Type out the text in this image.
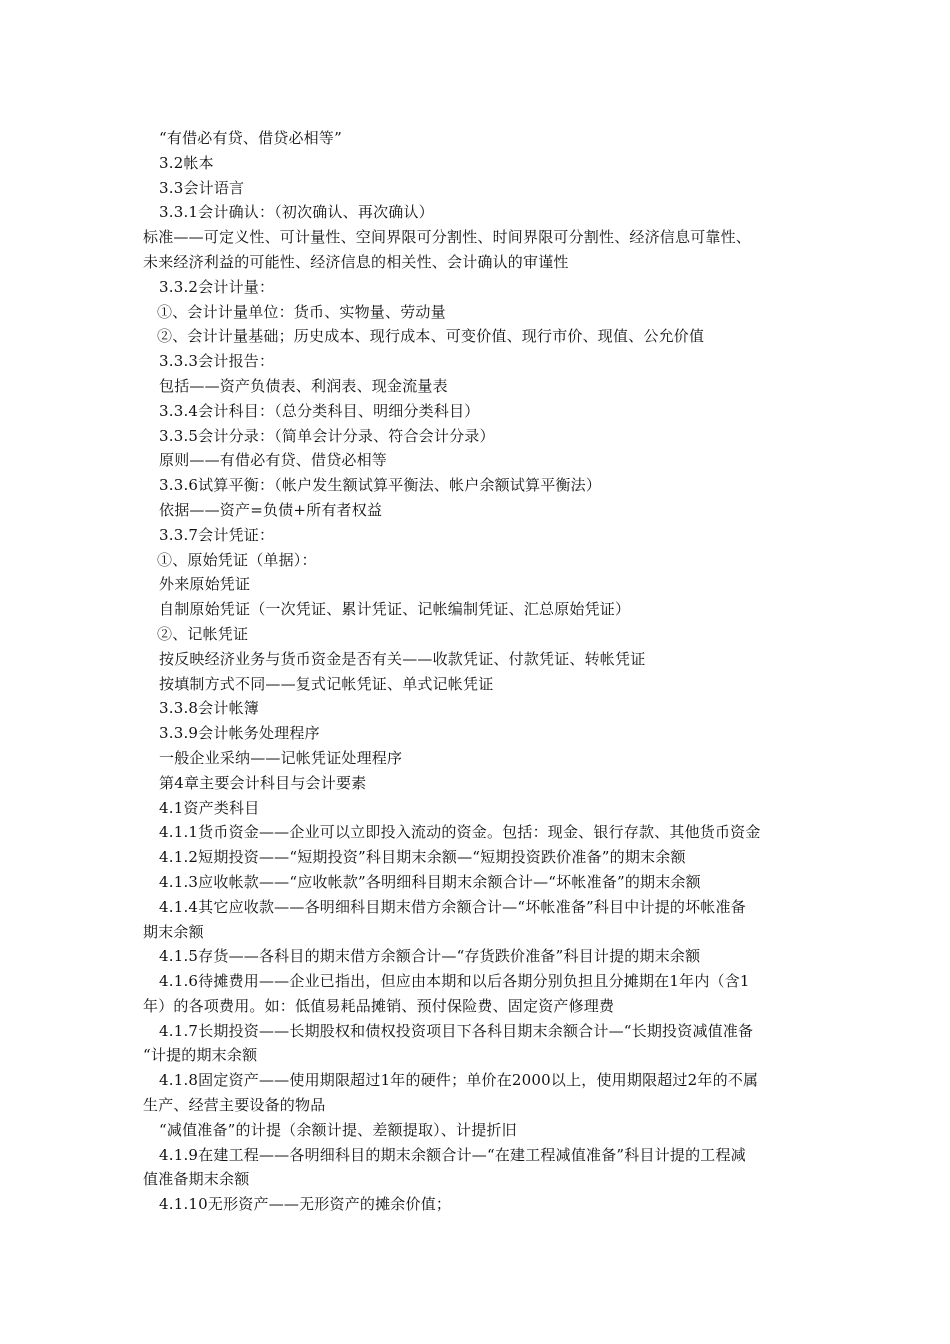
“有借必有贷、借贷必相等”
3.2帐本
3.3会计语言
3.3.1会计确认：（初次确认、再次确认）
标准——可定义性、可计量性、空间界限可分割性、时间界限可分割性、经济信息可靠性、
未来经济利益的可能性、经济信息的相关性、会计确认的审谨性
3.3.2会计计量：
①、会计计量单位：货币、实物量、劳动量
②、会计计量基础；历史成本、现行成本、可变价值、现行市价、现值、公允价值
3.3.3会计报告：
包括——资产负债表、利润表、现金流量表
3.3.4会计科目：（总分类科目、明细分类科目）
3.3.5会计分录：（简单会计分录、符合会计分录）
原则——有借必有贷、借贷必相等
3.3.6试算平衡：（帐户发生额试算平衡法、帐户余额试算平衡法）
依据——资产=负债+所有者权益
3.3.7会计凭证：
①、原始凭证（单据）：
外来原始凭证
自制原始凭证（一次凭证、累计凭证、记帐编制凭证、汇总原始凭证）
②、记帐凭证
按反映经济业务与货币资金是否有关——收款凭证、付款凭证、转帐凭证
按填制方式不同——复式记帐凭证、单式记帐凭证
3.3.8会计帐簿
3.3.9会计帐务处理程序
一般企业采纳——记帐凭证处理程序
第4章主要会计科目与会计要素
4.1资产类科目
4.1.1货币资金——企业可以立即投入流动的资金。包括：现金、银行存款、其他货币资金
4.1.2短期投资——“短期投资”科目期末余额—“短期投资跌价准备”的期末余额
4.1.3应收帐款——“应收帐款”各明细科目期末余额合计—“坏帐准备”的期末余额
4.1.4其它应收款——各明细科目期末借方余额合计—“坏帐准备”科目中计提的坏帐准备
期末余额
4.1.5存货——各科目的期末借方余额合计—“存货跌价准备”科目计提的期末余额
4.1.6待摊费用——企业已指出，但应由本期和以后各期分别负担且分摊期在1年内（含1
年）的各项费用。如：低值易耗品摊销、预付保险费、固定资产修理费
4.1.7长期投资——长期股权和债权投资项目下各科目期末余额合计—“长期投资减值准备
“计提的期末余额
4.1.8固定资产——使用期限超过1年的硬件；单价在2000以上，使用期限超过2年的不属
生产、经营主要设备的物品
“减值准备”的计提（余额计提、差额提取）、计提折旧
4.1.9在建工程——各明细科目的期末余额合计—“在建工程减值准备”科目计提的工程减
值准备期末余额
4.1.10无形资产——无形资产的摊余价值；
